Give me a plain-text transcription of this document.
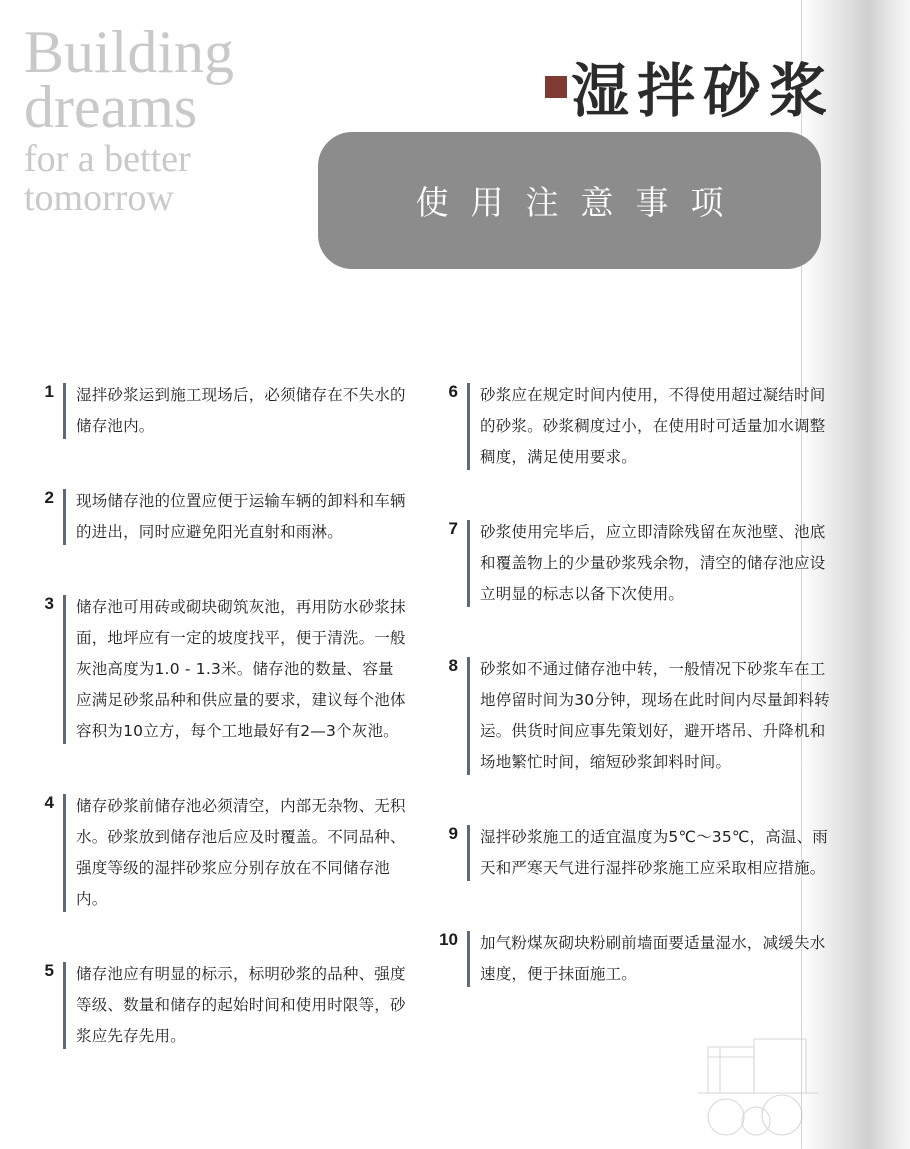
Building
dreams
for a better
tomorrow
湿拌砂浆
使用注意事项
1 湿拌砂浆运到施工现场后，必须储存在不失水的储存池内。
2 现场储存池的位置应便于运输车辆的卸料和车辆的进出，同时应避免阳光直射和雨淋。
3 储存池可用砖或砌块砌筑灰池，再用防水砂浆抹面，地坪应有一定的坡度找平，便于清洗。一般灰池高度为1.0 - 1.3米。储存池的数量、容量应满足砂浆品种和供应量的要求，建议每个池体容积为10立方，每个工地最好有2—3个灰池。
4 储存砂浆前储存池必须清空，内部无杂物、无积水。砂浆放到储存池后应及时覆盖。不同品种、强度等级的湿拌砂浆应分别存放在不同储存池内。
5 储存池应有明显的标示，标明砂浆的品种、强度等级、数量和储存的起始时间和使用时限等，砂浆应先存先用。
6 砂浆应在规定时间内使用，不得使用超过凝结时间的砂浆。砂浆稠度过小，在使用时可适量加水调整稠度，满足使用要求。
7 砂浆使用完毕后，应立即清除残留在灰池壁、池底和覆盖物上的少量砂浆残余物，清空的储存池应设立明显的标志以备下次使用。
8 砂浆如不通过储存池中转，一般情况下砂浆车在工地停留时间为30分钟，现场在此时间内尽量卸料转运。供货时间应事先策划好，避开塔吊、升降机和场地繁忙时间，缩短砂浆卸料时间。
9 湿拌砂浆施工的适宜温度为5℃～35℃，高温、雨天和严寒天气进行湿拌砂浆施工应采取相应措施。
10 加气粉煤灰砌块粉刷前墙面要适量湿水，减缓失水速度，便于抹面施工。
